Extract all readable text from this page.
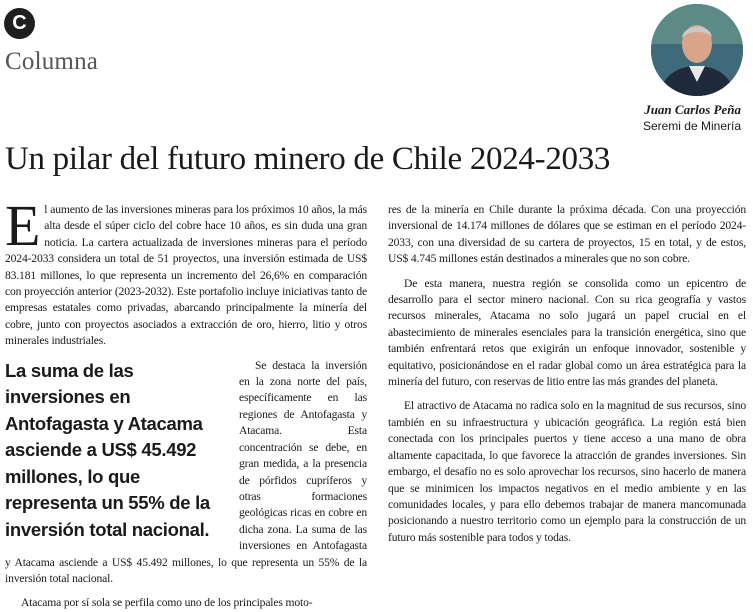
C
Columna
Juan Carlos Peña
Seremi de Minería
Un pilar del futuro minero de Chile 2024-2033

El aumento de las inversiones mineras para los próximos 10 años, la más alta desde el súper ciclo del cobre hace 10 años, es sin duda una gran noticia. La cartera actualizada de inversiones mineras para el período 2024-2033 considera un total de 51 proyectos, una inversión estimada de US$ 83.181 millones, lo que representa un incremento del 26,6% en comparación con proyección anterior (2023-2032). Este portafolio incluye iniciativas tanto de empresas estatales como privadas, abarcando principalmente la minería del cobre, junto con proyectos asociados a extracción de oro, hierro, litio y otros minerales industriales.

La suma de las inversiones en Antofagasta y Atacama asciende a US$ 45.492 millones, lo que representa un 55% de la inversión total nacional.

Se destaca la inversión en la zona norte del país, específicamente en las regiones de Antofagasta y Atacama. Esta concentración se debe, en gran medida, a la presencia de pórfidos cupríferos y otras formaciones geológicas ricas en cobre en dicha zona. La suma de las inversiones en Antofagasta y Atacama asciende a US$ 45.492 millones, lo que representa un 55% de la inversión total nacional.

Atacama por sí sola se perfila como uno de los principales moto-

res de la minería en Chile durante la próxima década. Con una proyección inversional de 14.174 millones de dólares que se estiman en el período 2024-2033, con una diversidad de su cartera de proyectos, 15 en total, y de estos, US$ 4.745 millones están destinados a minerales que no son cobre.

De esta manera, nuestra región se consolida como un epicentro de desarrollo para el sector minero nacional. Con su rica geografía y vastos recursos minerales, Atacama no solo jugará un papel crucial en el abastecimiento de minerales esenciales para la transición energética, sino que también enfrentará retos que exigirán un enfoque innovador, sostenible y equitativo, posicionándose en el radar global como un área estratégica para la minería del futuro, con reservas de litio entre las más grandes del planeta.

El atractivo de Atacama no radica solo en la magnitud de sus recursos, sino también en su infraestructura y ubicación geográfica. La región está bien conectada con los principales puertos y tiene acceso a una mano de obra altamente capacitada, lo que favorece la atracción de grandes inversiones. Sin embargo, el desafío no es solo aprovechar los recursos, sino hacerlo de manera que se minimicen los impactos negativos en el medio ambiente y en las comunidades locales, y para ello debemos trabajar de manera mancomunada posicionando a nuestro territorio como un ejemplo para la construcción de un futuro más sostenible para todos y todas.
